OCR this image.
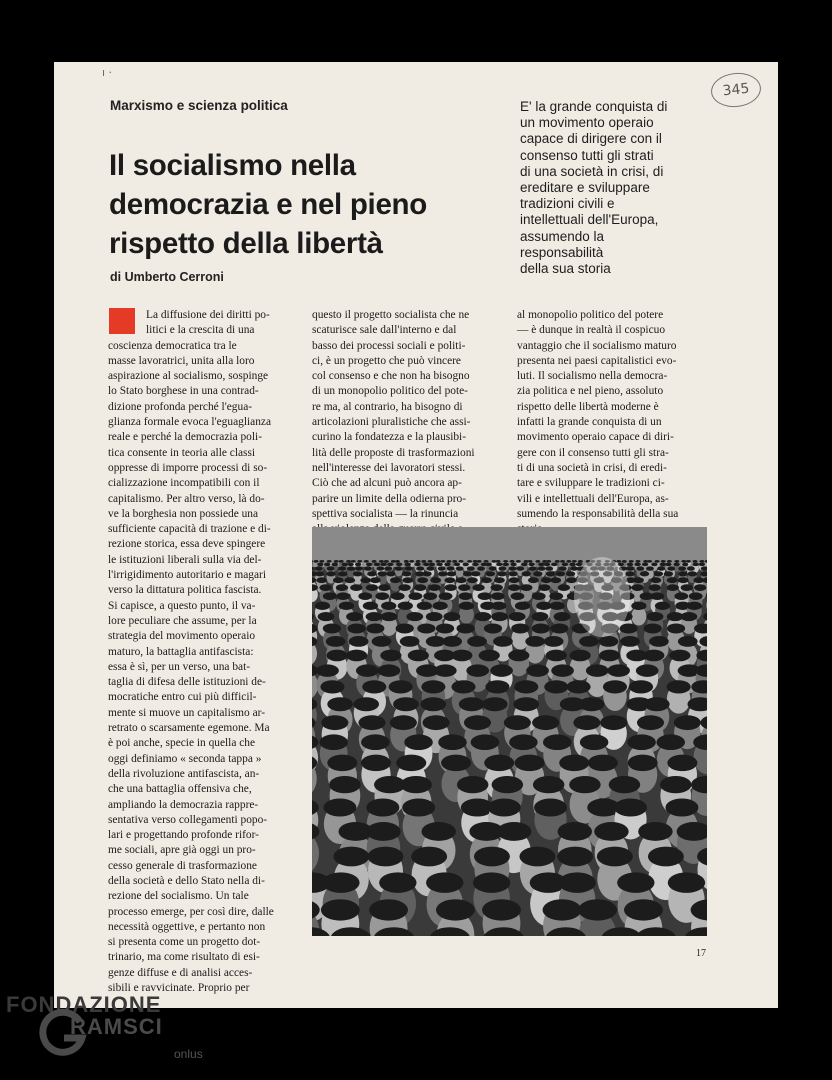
ı ·
345
Marxismo e scienza politica
Il socialismo nella
democrazia e nel pieno
rispetto della libertà
di Umberto Cerroni
E' la grande conquista di
un movimento operaio
capace di dirigere con il
consenso tutti gli strati
di una società in crisi, di
ereditare e sviluppare
tradizioni civili e
intellettuali dell'Europa,
assumendo la
responsabilità
della sua storia
La diffusione dei diritti po-
litici e la crescita di una
coscienza democratica tra le
masse lavoratrici, unita alla loro
aspirazione al socialismo, sospinge
lo Stato borghese in una contrad-
dizione profonda perché l'egua-
glianza formale evoca l'eguaglianza
reale e perché la democrazia poli-
tica consente in teoria alle classi
oppresse di imporre processi di so-
cializzazione incompatibili con il
capitalismo. Per altro verso, là do-
ve la borghesia non possiede una
sufficiente capacità di trazione e di-
rezione storica, essa deve spingere
le istituzioni liberali sulla via del-
l'irrigidimento autoritario e magari
verso la dittatura politica fascista.
Si capisce, a questo punto, il va-
lore peculiare che assume, per la
strategia del movimento operaio
maturo, la battaglia antifascista:
essa è sì, per un verso, una bat-
taglia di difesa delle istituzioni de-
mocratiche entro cui più difficil-
mente si muove un capitalismo ar-
retrato o scarsamente egemone. Ma
è poi anche, specie in quella che
oggi definiamo « seconda tappa »
della rivoluzione antifascista, an-
che una battaglia offensiva che,
ampliando la democrazia rappre-
sentativa verso collegamenti popo-
lari e progettando profonde rifor-
me sociali, apre già oggi un pro-
cesso generale di trasformazione
della società e dello Stato nella di-
rezione del socialismo. Un tale
processo emerge, per così dire, dalle
necessità oggettive, e pertanto non
si presenta come un progetto dot-
trinario, ma come risultato di esi-
genze diffuse e di analisi acces-
sibili e ravvicinate. Proprio per
questo il progetto socialista che ne
scaturisce sale dall'interno e dal
basso dei processi sociali e politi-
ci, è un progetto che può vincere
col consenso e che non ha bisogno
di un monopolio politico del pote-
re ma, al contrario, ha bisogno di
articolazioni pluralistiche che assi-
curino la fondatezza e la plausibi-
lità delle proposte di trasformazioni
nell'interesse dei lavoratori stessi.
Ciò che ad alcuni può ancora ap-
parire un limite della odierna pro-
spettiva socialista — la rinuncia
al monopolio politico del potere
— è dunque in realtà il cospicuo
vantaggio che il socialismo maturo
presenta nei paesi capitalistici evo-
luti. Il socialismo nella democra-
zia politica e nel pieno, assoluto
rispetto delle libertà moderne è
infatti la grande conquista di un
movimento operaio capace di diri-
gere con il consenso tutti gli stra-
ti di una società in crisi, di eredi-
tare e sviluppare le tradizioni ci-
vili e intellettuali dell'Europa, as-
sumendo la responsabilità della sua
17
FONDAZIONE
RAMSCI
onlus
